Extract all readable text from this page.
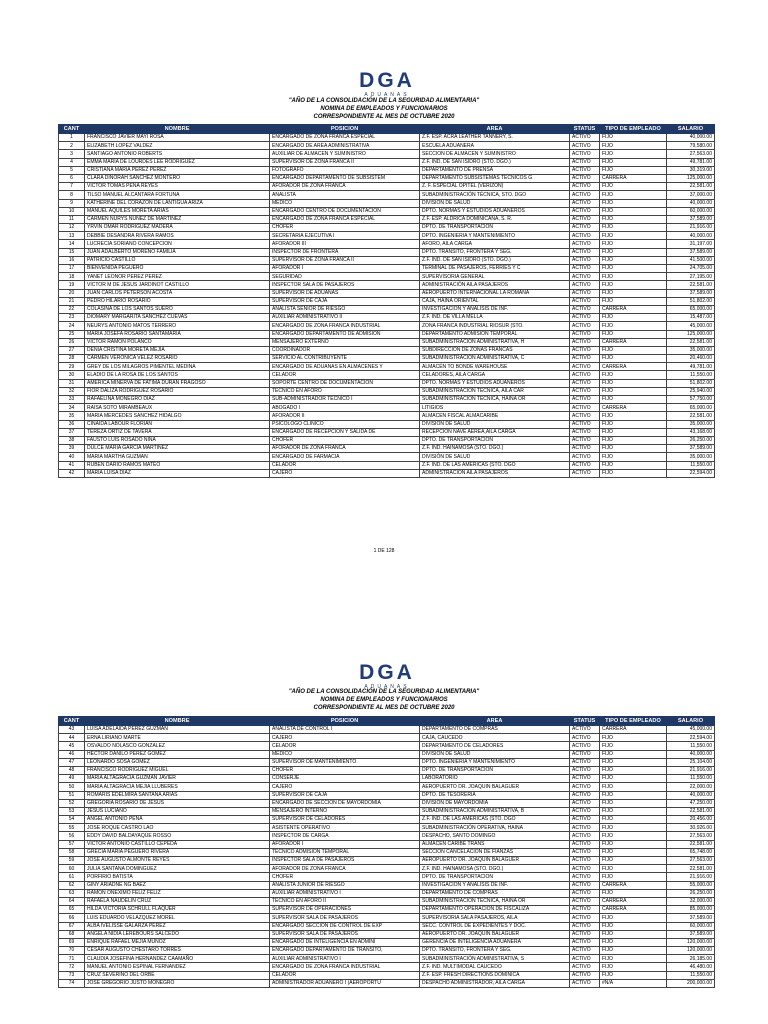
DGA
ADUANAS
"AÑO DE LA CONSOLIDACIÓN DE LA SEGURIDAD ALIMENTARIA"
NOMINA DE EMPLEADOS Y FUNCIONARIOS
CORRESPONDIENTE AL MES DE OCTUBRE 2020
CANT	NOMBRE	POSICION	AREA	STATUS	TIPO DE EMPLEADO	SALARIO
1	FRANCISCO JAVIER MAYI ROSA	ENCARGADO DE ZONA FRANCA ESPECIAL	Z.F. ESP. ACRA LEATHER TANNERY, S.	ACTIVO	FIJO	40,000.00
2	ELIZABETH LOPEZ VALDEZ	ENCARGADO DE AREA ADMINISTRATIVA	ESCUELA ADUANERA	ACTIVO	FIJO	79,580.00
3	SANTIAGO ANTONIO ROBERTS	AUXILIAR DE ALMACEN Y SUMINISTRO	SECCION DE ALMACEN Y SUMINISTRO	ACTIVO	FIJO	27,563.00
4	EMMA MARIA DE LOURDES LEE RODRIGUEZ	SUPERVISOR DE ZONA FRANCA II	Z.F. IND. DE SAN ISIDRO (STO. DGO.)	ACTIVO	FIJO	49,781.00
5	CRISTIANA MARIA PEREZ PEREZ	FOTOGRAFO	DEPARTAMENTO DE PRENSA	ACTIVO	FIJO	30,319.00
6	CLARA DINORAH SANCHEZ MONTERO	ENCARGADO DEPARTAMENTO DE SUBSISTEM	DEPARTAMENTO SUBSISTEMAS TÉCNICOS G	ACTIVO	CARRERA	125,000.00
7	VICTOR TOMAS PEÑA REYES	AFORADOR DE ZONA FRANCA	Z. F. ESPECIAL OPITEL (VERIZON)	ACTIVO	FIJO	22,581.00
8	TILSO MANUEL ALCANTARA FORTUNA	ANALISTA	SUBADMINISTRACIÓN TÉCNICA, STO. DGO	ACTIVO	FIJO	37,000.00
9	KATHERINE DEL CORAZON DE LANTIGUA ARIZA	MÉDICO	DIVISIÓN DE SALUD	ACTIVO	FIJO	40,000.00
10	MANUEL AQUILES MORETA ARIAS	ENCARGADO CENTRO DE DOCUMENTACIÓN	DPTO. NORMAS Y ESTUDIOS ADUANEROS	ACTIVO	FIJO	60,000.00
11	CARMEN NURYS NUÑEZ DE MARTINEZ	ENCARGADO DE ZONA FRANCA ESPECIAL	Z.F. ESP. ALDRICA DOMINICANA, S. R.	ACTIVO	FIJO	37,589.00
12	YRVIN OMAR RODRIGUEZ MADERA	CHOFER	DPTO. DE TRANSPORTACION	ACTIVO	FIJO	21,916.00
13	DEBBIE DESANDRA RIVERA RAMOS	SECRETARIA EJECUTIVA I	DPTO. INGENIERIA Y MANTENIMIENTO	ACTIVO	FIJO	40,000.00
14	LUCRECIA SORIANO CONCEPCION	AFORADOR III	AFORO, AILA CARGA	ACTIVO	FIJO	31,197.00
15	JUAN ADALBERTO MORENO FAMILIA	INSPECTOR DE FRONTERA	DPTO. TRANSITO, FRONTERA Y SEG.	ACTIVO	FIJO	37,589.00
16	PATRICIO CASTILLO	SUPERVISOR DE ZONA FRANCA II	Z.F. IND. DE SAN ISIDRO (STO. DGO.)	ACTIVO	FIJO	41,500.00
17	BIENVENIDA PEGUERO	AFORADOR I	TERMINAL DE PASAJEROS, FERRIES Y C	ACTIVO	FIJO	24,705.00
18	YANET LEONOR PEREZ PEREZ	SEGURIDAD	SUPERVISORIA GENERAL	ACTIVO	FIJO	27,195.00
19	VICTOR M DE JESUS JARDINOT CASTILLO	INSPECTOR SALA DE PASAJEROS	ADMINISTRACIÓN AILA PASAJEROS	ACTIVO	FIJO	22,581.00
20	JUAN CARLOS PETERSON ACOSTA	SUPERVISOR DE ADUANAS	AEROPUERTO INTERNACIONAL LA ROMANA	ACTIVO	FIJO	37,589.00
21	PEDRO HILARIO ROSARIO	SUPERVISOR DE CAJA	CAJA, HAINA ORIENTAL	ACTIVO	FIJO	51,802.00
22	COLASINA DE LOS SANTOS SUERO	ANALISTA SENIOR DE RIESGO	INVESTIGACION Y ANALISIS DE INF.	ACTIVO	CARRERA	65,000.00
23	DIOMARY MARGARITA SANCHEZ CUEVAS	AUXILIAR ADMINISTRATIVO II	Z.F. IND. DE VILLA MELLA	ACTIVO	FIJO	15,487.00
24	NEURYS ANTONIO MATOS TERRERO	ENCARGADO DE ZONA FRANCA INDUSTRIAL	ZONA FRANCA INDUSTRIAL RIOSUR (STO.	ACTIVO	FIJO	45,000.00
25	MARIA JOSEFA ROSARIO SANTAMARIA	ENCARGADO DEPARTAMENTO DE ADMISIÓN	DEPARTAMENTO ADMISION TEMPORAL	ACTIVO	FIJO	125,000.00
26	VICTOR RAMON POLANCO	MENSAJERO EXTERNO	SUBADMINISTRACIÓN ADMINISTRATIVA, H	ACTIVO	CARRERA	22,581.00
27	DENIA CRISTINA MORETA MEJIA	COORDINADOR	SUBDIRECCIÓN DE ZONAS FRANCAS	ACTIVO	FIJO	35,000.00
28	CARMEN VERONICA VELEZ ROSARIO	SERVICIO AL CONTRIBUYENTE	SUBADMINISTRACIÓN ADMINISTRATIVA, C	ACTIVO	FIJO	20,460.00
29	GREY DE LOS MILAGROS PIMENTEL MEDINA	ENCARGADO DE ADUANAS EN ALMACENES Y	ALMACÉN TO BONDE WAREHOUSE	ACTIVO	CARRERA	49,781.00
30	ELADIO DE LA ROSA DE LOS SANTOS	CELADOR	CELADORES, AILA CARGA	ACTIVO	FIJO	11,550.00
31	AMERICA MINERVA DE FATIMA DURAN FRAGOSO	SOPORTE CENTRO DE DOCUMENTACION	DPTO. NORMAS Y ESTUDIOS ADUANEROS	ACTIVO	FIJO	51,802.00
32	FIOR DALIZA RODRIGUEZ ROSARIO	TECNICO EN AFORO	SUBADMINISTRACIÓN TÉCNICA, AILA CAR	ACTIVO	FIJO	25,940.00
33	RAFAELINA MONEGRO DIAZ	SUB-ADMINISTRADOR TECNICO I	SUBADMINISTRACIÓN TÉCNICA, HAINA OR	ACTIVO	FIJO	57,750.00
34	RAISA SOTO MIRAMBEAUX	ABOGADO I	LITIGIOS	ACTIVO	CARRERA	65,000.00
35	MARIA MERCEDES SANCHEZ HIDALGO	AFORADOR II	ALMACEN FISCAL ALMACARIBE	ACTIVO	FIJO	22,581.00
36	CINAIDA LABOUR FLORIAN	PSICOLOGO CLINICO	DIVISION DE SALUD	ACTIVO	FIJO	35,000.00
37	TEREZA ORTIZ DE TAVERA	ENCARGADO DE RECEPCION Y SALIDA DE	RECEPCION NAVE AEREA,AILA CARGA	ACTIVO	FIJO	43,168.00
38	FAUSTO LUIS ROSADO NINA	CHOFER	DPTO. DE TRANSPORTACION	ACTIVO	FIJO	26,250.00
39	DULCE MARIA GARCIA MARTINEZ	AFORADOR DE ZONA FRANCA	Z.F. IND. HAINAMOSA (STO. DGO.)	ACTIVO	FIJO	37,589.00
40	MARIA MARTHA GUZMAN	ENCARGADO DE FARMACIA	DIVISIÓN DE SALUD	ACTIVO	FIJO	35,000.00
41	RUBEN DARIO RAMOS MATEO	CELADOR	Z.F. IND. DE LAS AMERICAS (STO. DGO	ACTIVO	FIJO	11,550.00
42	MARIA LUISA DIAZ	CAJERO	ADMINISTRACIÓN AILA PASAJEROS	ACTIVO	FIJO	22,594.00
1 DE 128
DGA
ADUANAS
"AÑO DE LA CONSOLIDACIÓN DE LA SEGURIDAD ALIMENTARIA"
NOMINA DE EMPLEADOS Y FUNCIONARIOS
CORRESPONDIENTE AL MES DE OCTUBRE 2020
CANT	NOMBRE	POSICION	AREA	STATUS	TIPO DE EMPLEADO	SALARIO
43	LUISA ADELAIDA PEREZ GUZMAN	ANALISTA DE CONTROL I	DEPARTAMENTO DE COMPRAS	ACTIVO	CARRERA	45,000.00
44	ERNA LIRIANO MARTE	CAJERO	CAJA, CAUCEDO	ACTIVO	FIJO	22,594.00
45	OSVALDO NOLASCO GONZALEZ	CELADOR	DEPARTAMENTO DE CELADORES	ACTIVO	FIJO	11,550.00
46	HECTOR DANILO PEREZ GOMEZ	MÉDICO	DIVISIÓN DE SALUD	ACTIVO	FIJO	40,000.00
47	LEONARDO SOSA GOMEZ	SUPERVISOR DE MANTENIMIENTO	DPTO. INGENIERIA Y MANTENIMIENTO	ACTIVO	FIJO	25,104.00
48	FRANCISCO RODRIGUEZ MIGUEL	CHOFER	DPTO. DE TRANSPORTACION	ACTIVO	FIJO	21,916.00
49	MARIA ALTAGRACIA GUZMAN JAVIER	CONSERJE	LABORATORIO	ACTIVO	FIJO	11,550.00
50	MARIA ALTAGRACIA MEJIA LLUBERES	CAJERO	AEROPUERTO DR. JOAQUIN BALAGUER	ACTIVO	FIJO	22,000.00
51	ROMARIS EDELMIRA SANTANA ARIAS	SUPERVISOR DE CAJA	DPTO. DE TESORERIA	ACTIVO	FIJO	40,000.00
52	GREGORIA ROSARIO DE JESUS	ENCARGADO DE SECCIÓN DE MAYORDOMIA	DIVISIÓN DE MAYORDOMÍA	ACTIVO	FIJO	47,250.00
53	JESUS LUCIANO	MENSAJERO INTERNO	SUBADMINISTRACIÓN ADMINISTRATIVA, B	ACTIVO	FIJO	22,581.00
54	ANGEL ANTONIO PENA	SUPERVISOR DE CELADORES	Z.F. IND. DE LAS AMERICAS (STO. DGO	ACTIVO	FIJO	20,456.00
55	JOSE ROQUE CASTRO LAO	ASISTENTE OPERATIVO	SUBADMINISTRACIÓN OPERATIVA, HAINA	ACTIVO	FIJO	30,926.00
56	EDDY DAVID BALDAYAQUE ROSSO	INSPECTOR DE CARGA	DESPACHO, SANTO DOMINGO	ACTIVO	FIJO	27,563.00
57	VICTOR ANTONIO CASTILLO CEPEDA	AFORADOR I	ALMACÉN CARIBE TRANS	ACTIVO	FIJO	22,581.00
58	GRECIA MARIA PEGUERO RIVERA	TECNICO ADMISION TEMPORAL	SECCION CANCELACION DE FIANZAS	ACTIVO	FIJO	65,748.00
59	JOSE AUGUSTO ALMONTE REYES	INSPECTOR SALA DE PASAJEROS	AEROPUERTO DR. JOAQUIN BALAGUER	ACTIVO	FIJO	27,563.00
60	JULIA SANTANA DOMINGUEZ	AFORADOR DE ZONA FRANCA	Z.F. IND. HAINAMOSA (STO. DGO.)	ACTIVO	FIJO	22,581.00
61	PORFIRIO BATISTA	CHOFER	DPTO. DE TRANSPORTACION	ACTIVO	FIJO	21,916.00
62	GINY ARIADNE NG BAEZ	ANALISTA JUNIOR DE RIESGO	INVESTIGACION Y ANALISIS DE INF.	ACTIVO	CARRERA	55,000.00
63	RAMON ONEXIMO FELIZ FELIZ	AUXILIAR ADMINISTRATIVO I	DEPARTAMENTO DE COMPRAS	ACTIVO	FIJO	26,250.00
64	RAFAELA NAUDELIN CRUZ	TECNICO EN AFORO II	SUBADMINISTRACIÓN TÉCNICA, HAINA OR	ACTIVO	CARRERA	32,000.00
65	HILDA VICTORIA SCHRULL FLAQUER	SUPERVISOR DE OPERACIONES	DEPARTAMENTO OPERACION DE FISCALIZA	ACTIVO	CARRERA	85,000.00
66	LUIS EDUARDO VELAZQUEZ MOREL	SUPERVISOR SALA DE PASAJEROS	SUPERVISORIA SALA PASAJEROS, AILA	ACTIVO	FIJO	37,589.00
67	ALBA IVELISSE GALARZA PEREZ	ENCARGADO SECCIÓN DE CONTROL DE EXP	SECC. CONTROL DE EXPEDIENTES Y DOC.	ACTIVO	FIJO	60,000.00
68	ANGELA NIDIA LEREBOURS SALCEDO	SUPERVISOR SALA DE PASAJEROS	AEROPUERTO DR. JOAQUIN BALAGUER	ACTIVO	FIJO	37,589.00
69	ENRIQUE RAFAEL MEJIA MUÑOZ	ENCARGADO DE INTELIGENCIA EN ADMINI	GERENCIA DE INTELIGENCIA ADUANERA	ACTIVO	FIJO	120,000.00
70	CESAR AUGUSTO CHESTARO TORRES	ENCARGADO DEPARTAMENTO DE TRANSITO,	DPTO. TRANSITO, FRONTERA Y SEG.	ACTIVO	FIJO	120,000.00
71	CLAUDIA JOSEFINA HERNANDEZ CAAMAÑO	AUXILIAR ADMINISTRATIVO I	SUBADMINISTRACIÓN ADMINISTRATIVA, S	ACTIVO	FIJO	26,185.00
72	MANUEL ANTONIO ESPINAL FERNANDEZ	ENCARGADO DE ZONA FRANCA INDUSTRIAL	Z.F. IND. MULTIMODAL CAUCEDO	ACTIVO	FIJO	46,480.00
73	CRUZ SEVERINO DEL ORBE	CELADOR	Z.F. ESP. FRESH DIRECTIONS DOMINICA	ACTIVO	FIJO	11,550.00
74	JOSE GREGORIO JUSTO MONEGRO	ADMINISTRADOR ADUANERO I (AEROPORTU	DESPACHO ADMINISTRADOR, AILA CARGA	ACTIVO	#N/A	200,000.00
